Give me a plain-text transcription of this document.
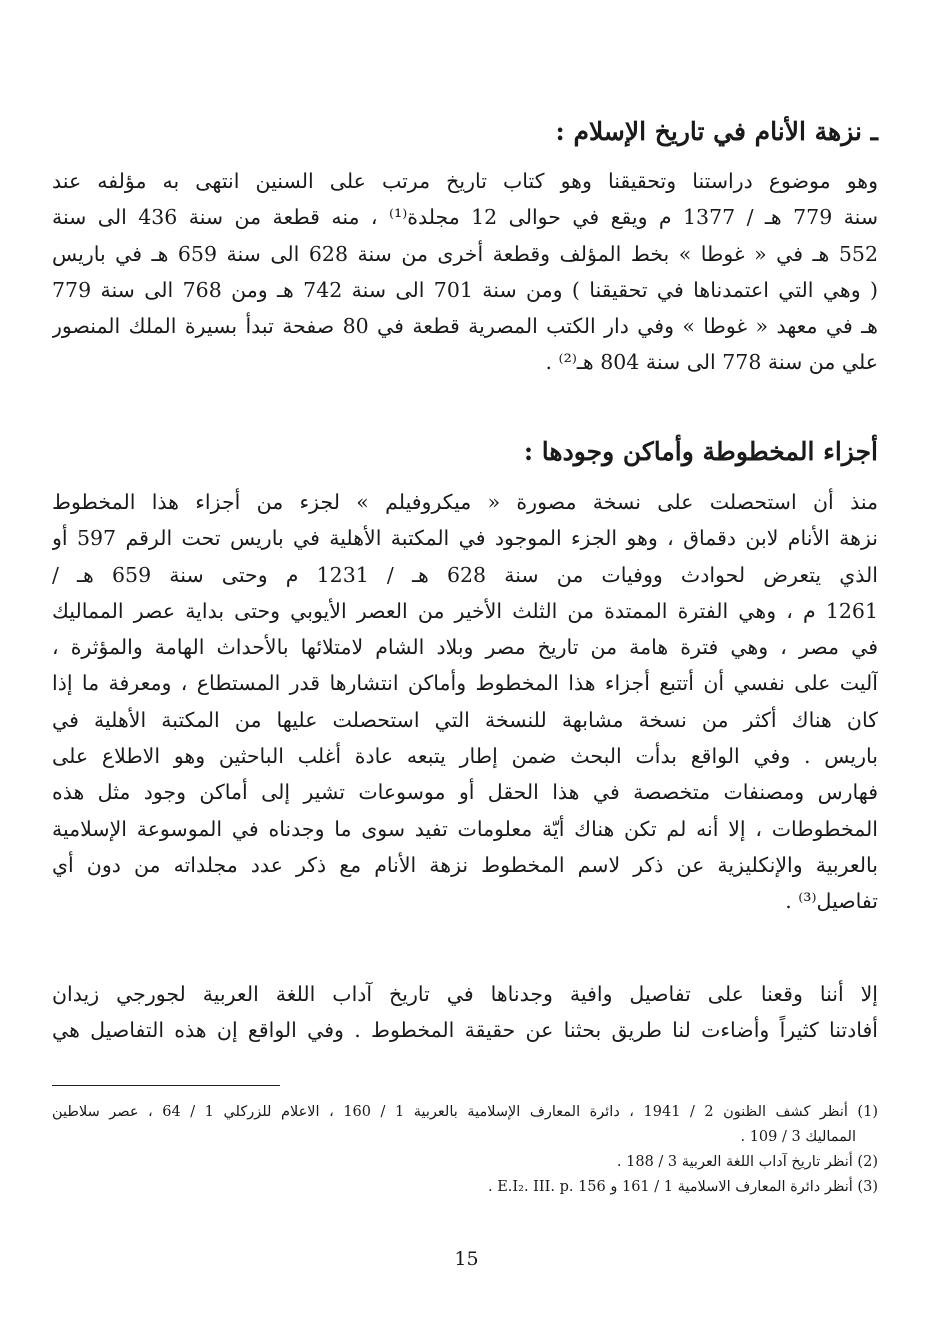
ـ نزهة الأنام في تاريخ الإسلام :
وهو موضوع دراستنا وتحقيقنا وهو كتاب تاريخ مرتب على السنين انتهى به مؤلفه عند
سنة 779 هـ / 1377 م ويقع في حوالى 12 مجلدة⁽¹⁾ ، منه قطعة من سنة 436 الى سنة
552 هـ في « غوطا » بخط المؤلف وقطعة أخرى من سنة 628 الى سنة 659 هـ في باريس
( وهي التي اعتمدناها في تحقيقنا ) ومن سنة 701 الى سنة 742 هـ ومن 768 الى سنة 779
هـ في معهد « غوطا » وفي دار الكتب المصرية قطعة في 80 صفحة تبدأ بسيرة الملك المنصور
علي من سنة 778 الى سنة 804 هـ⁽²⁾ .
أجزاء المخطوطة وأماكن وجودها :
منذ أن استحصلت على نسخة مصورة « ميكروفيلم » لجزء من أجزاء هذا المخطوط
نزهة الأنام لابن دقماق ، وهو الجزء الموجود في المكتبة الأهلية في باريس تحت الرقم 597 أو
الذي يتعرض لحوادث ووفيات من سنة 628 هـ / 1231 م وحتى سنة 659 هـ /
1261 م ، وهي الفترة الممتدة من الثلث الأخير من العصر الأيوبي وحتى بداية عصر المماليك
في مصر ، وهي فترة هامة من تاريخ مصر وبلاد الشام لامتلائها بالأحداث الهامة والمؤثرة ،
آليت على نفسي أن أتتبع أجزاء هذا المخطوط وأماكن انتشارها قدر المستطاع ، ومعرفة ما إذا
كان هناك أكثر من نسخة مشابهة للنسخة التي استحصلت عليها من المكتبة الأهلية في
باريس . وفي الواقع بدأت البحث ضمن إطار يتبعه عادة أغلب الباحثين وهو الاطلاع على
فهارس ومصنفات متخصصة في هذا الحقل أو موسوعات تشير إلى أماكن وجود مثل هذه
المخطوطات ، إلا أنه لم تكن هناك أيّة معلومات تفيد سوى ما وجدناه في الموسوعة الإسلامية
بالعربية والإنكليزية عن ذكر لاسم المخطوط نزهة الأنام مع ذكر عدد مجلداته من دون أي
تفاصيل⁽³⁾ .
إلا أننا وقعنا على تفاصيل وافية وجدناها في تاريخ آداب اللغة العربية لجورجي زيدان
أفادتنا كثيراً وأضاءت لنا طريق بحثنا عن حقيقة المخطوط . وفي الواقع إن هذه التفاصيل هي
(1) أنظر كشف الظنون 2 / 1941 ، دائرة المعارف الإسلامية بالعربية 1 / 160 ، الاعلام للزركلي 1 / 64 ، عصر سلاطين
المماليك 3 / 109 .
(2) أنظر تاريخ آداب اللغة العربية 3 / 188 .
(3) أنظر دائرة المعارف الاسلامية 1 / 161 و E.I₂. III. p. 156 .
15
